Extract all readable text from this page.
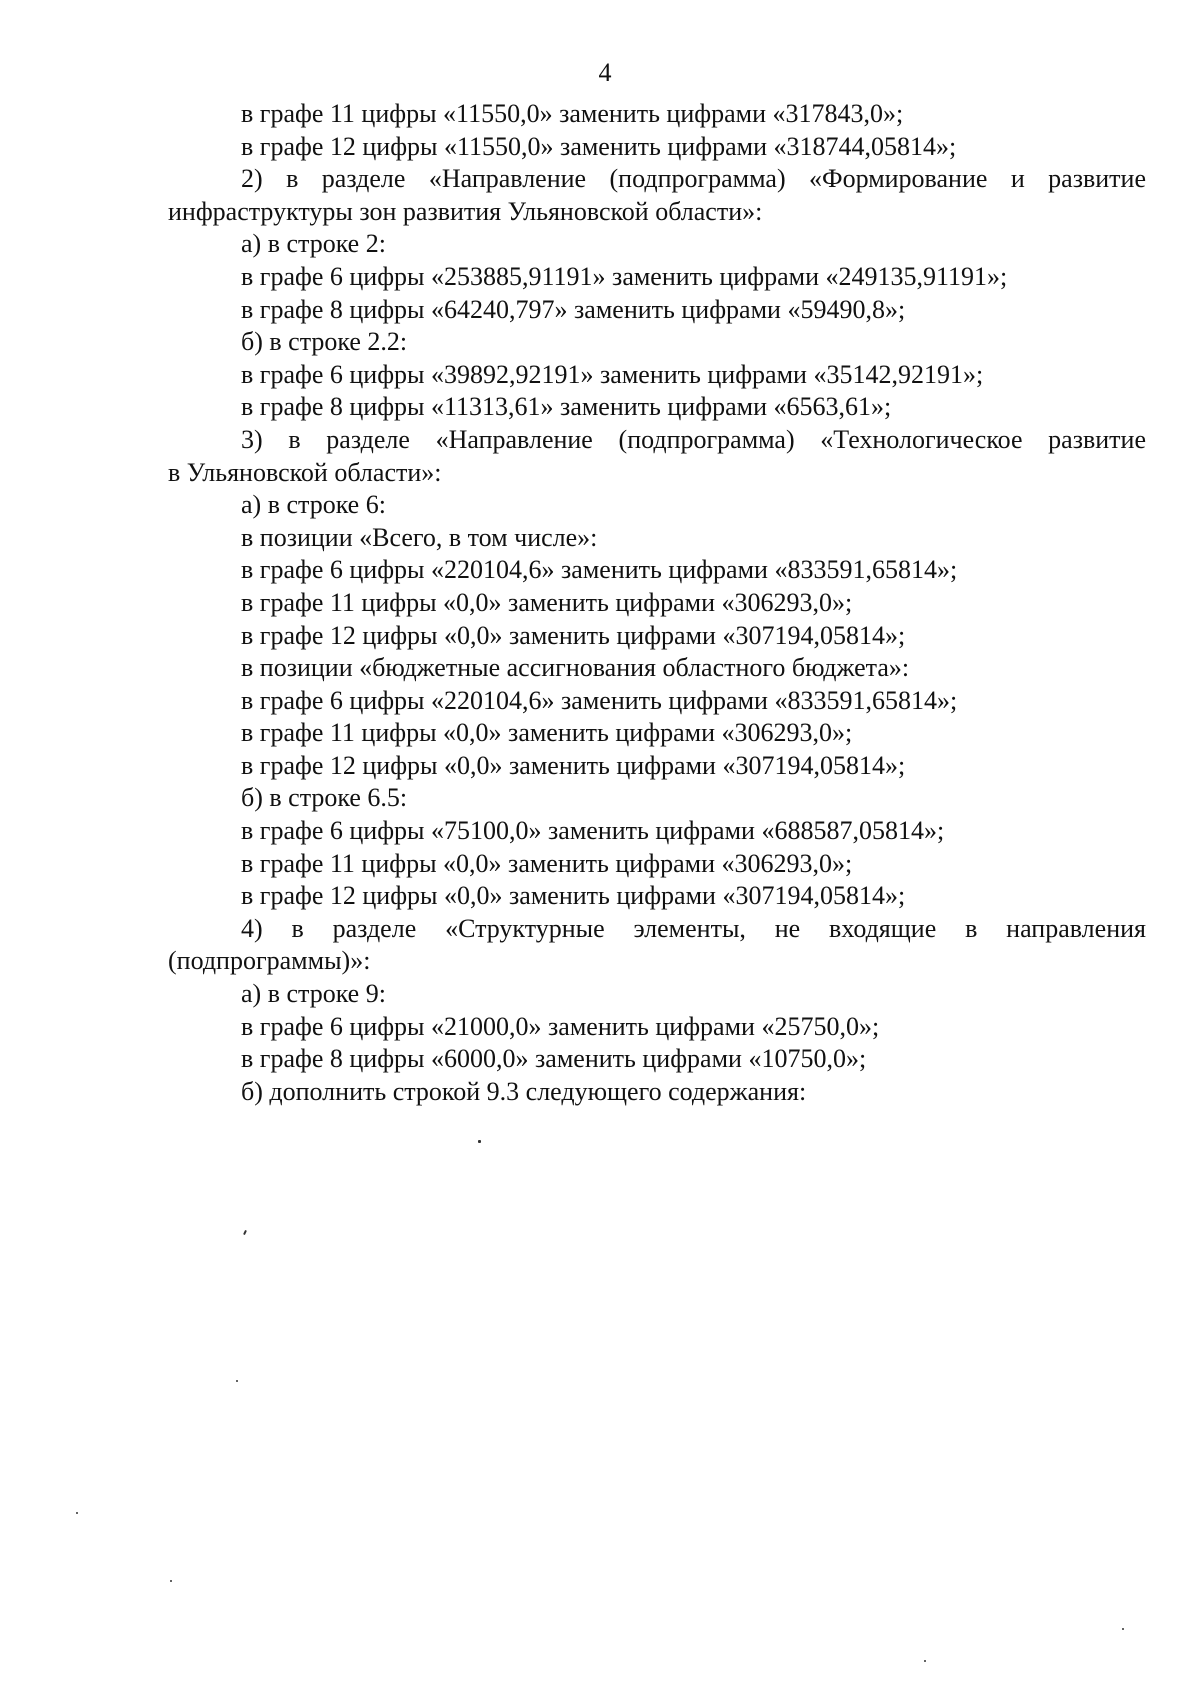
4
в графе 11 цифры «11550,0» заменить цифрами «317843,0»;
в графе 12 цифры «11550,0» заменить цифрами «318744,05814»;
2) в разделе «Направление (подпрограмма) «Формирование и развитие
инфраструктуры зон развития Ульяновской области»:
а) в строке 2:
в графе 6 цифры «253885,91191» заменить цифрами «249135,91191»;
в графе 8 цифры «64240,797» заменить цифрами «59490,8»;
б) в строке 2.2:
в графе 6 цифры «39892,92191» заменить цифрами «35142,92191»;
в графе 8 цифры «11313,61» заменить цифрами «6563,61»;
3) в разделе «Направление (подпрограмма) «Технологическое развитие
в Ульяновской области»:
а) в строке 6:
в позиции «Всего, в том числе»:
в графе 6 цифры «220104,6» заменить цифрами «833591,65814»;
в графе 11 цифры «0,0» заменить цифрами «306293,0»;
в графе 12 цифры «0,0» заменить цифрами «307194,05814»;
в позиции «бюджетные ассигнования областного бюджета»:
в графе 6 цифры «220104,6» заменить цифрами «833591,65814»;
в графе 11 цифры «0,0» заменить цифрами «306293,0»;
в графе 12 цифры «0,0» заменить цифрами «307194,05814»;
б) в строке 6.5:
в графе 6 цифры «75100,0» заменить цифрами «688587,05814»;
в графе 11 цифры «0,0» заменить цифрами «306293,0»;
в графе 12 цифры «0,0» заменить цифрами «307194,05814»;
4) в разделе «Структурные элементы, не входящие в направления
(подпрограммы)»:
а) в строке 9:
в графе 6 цифры «21000,0» заменить цифрами «25750,0»;
в графе 8 цифры «6000,0» заменить цифрами «10750,0»;
б) дополнить строкой 9.3 следующего содержания:
